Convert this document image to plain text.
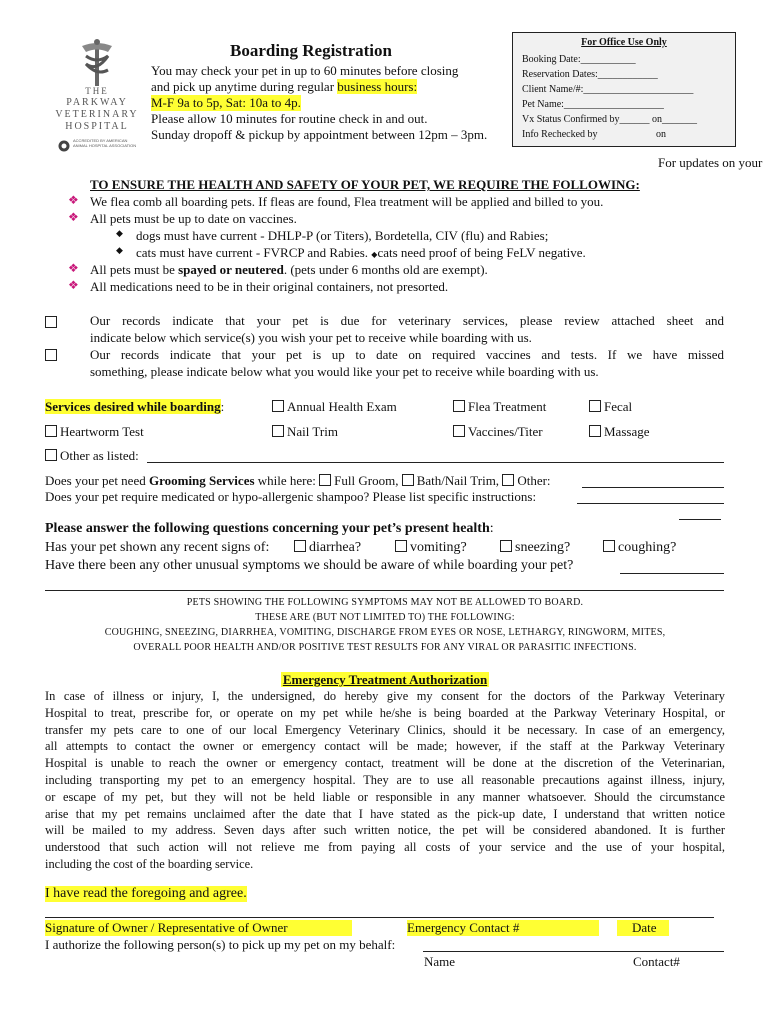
THE
PARKWAY
VETERINARY
HOSPITAL
ACCREDITED BY AMERICAN ANIMAL HOSPITAL ASSOCIATION
Boarding Registration
You may check your pet in up to 60 minutes before closing
and pick up anytime during regular business hours:
M-F 9a to 5p, Sat: 10a to 4p.
Please allow 10 minutes for routine check in and out.
Sunday dropoff & pickup by appointment between 12pm – 3pm.
For Office Use Only
Booking Date:___________
Reservation Dates:____________
Client Name/#:______________________
Pet Name:____________________
Vx Status Confirmed by______ on_______
Info Rechecked by	on
For updates on your
TO ENSURE THE HEALTH AND SAFETY OF YOUR PET, WE REQUIRE THE FOLLOWING:
❖ We flea comb all boarding pets. If fleas are found, Flea treatment will be applied and billed to you.
❖ All pets must be up to date on vaccines.
◆ dogs must have current - DHLP-P (or Titers), Bordetella, CIV (flu) and Rabies;
◆ cats must have current - FVRCP and Rabies. ◆cats need proof of being FeLV negative.
❖ All pets must be spayed or neutered. (pets under 6 months old are exempt).
❖ All medications need to be in their original containers, not presorted.
Our records indicate that your pet is due for veterinary services, please review attached sheet and
indicate below which service(s) you wish your pet to receive while boarding with us.
Our records indicate that your pet is up to date on required vaccines and tests. If we have missed
something, please indicate below what you would like your pet to receive while boarding with us.
Services desired while boarding:	Annual Health Exam	Flea Treatment	Fecal
Heartworm Test	Nail Trim	Vaccines/Titer	Massage
Other as listed:
Does your pet need Grooming Services while here: Full Groom, Bath/Nail Trim, Other:
Does your pet require medicated or hypo-allergenic shampoo? Please list specific instructions:
Please answer the following questions concerning your pet’s present health:
Has your pet shown any recent signs of:	diarrhea?	vomiting?	sneezing?	coughing?
Have there been any other unusual symptoms we should be aware of while boarding your pet?
PETS SHOWING THE FOLLOWING SYMPTOMS MAY NOT BE ALLOWED TO BOARD.
THESE ARE (BUT NOT LIMITED TO) THE FOLLOWING:
COUGHING, SNEEZING, DIARRHEA, VOMITING, DISCHARGE FROM EYES OR NOSE, LETHARGY, RINGWORM, MITES,
OVERALL POOR HEALTH AND/OR POSITIVE TEST RESULTS FOR ANY VIRAL OR PARASITIC INFECTIONS.
Emergency Treatment Authorization
In case of illness or injury, I, the undersigned, do hereby give my consent for the doctors of the Parkway Veterinary
Hospital to treat, prescribe for, or operate on my pet while he/she is being boarded at the Parkway Veterinary Hospital, or
transfer my pets care to one of our local Emergency Veterinary Clinics, should it be necessary. In case of an emergency,
all attempts to contact the owner or emergency contact will be made; however, if the staff at the Parkway Veterinary
Hospital is unable to reach the owner or emergency contact, treatment will be done at the discretion of the Veterinarian,
including transporting my pet to an emergency hospital. They are to use all reasonable precautions against illness, injury,
or escape of my pet, but they will not be held liable or responsible in any manner whatsoever. Should the circumstance
arise that my pet remains unclaimed after the date that I have stated as the pick-up date, I understand that written notice
will be mailed to my address. Seven days after such written notice, the pet will be considered abandoned. It is further
understood that such action will not relieve me from paying all costs of your service and the use of your hospital,
including the cost of the boarding service.
I have read the foregoing and agree.
Signature of Owner / Representative of Owner	Emergency Contact #	Date
I authorize the following person(s) to pick up my pet on my behalf:
Name	Contact#
